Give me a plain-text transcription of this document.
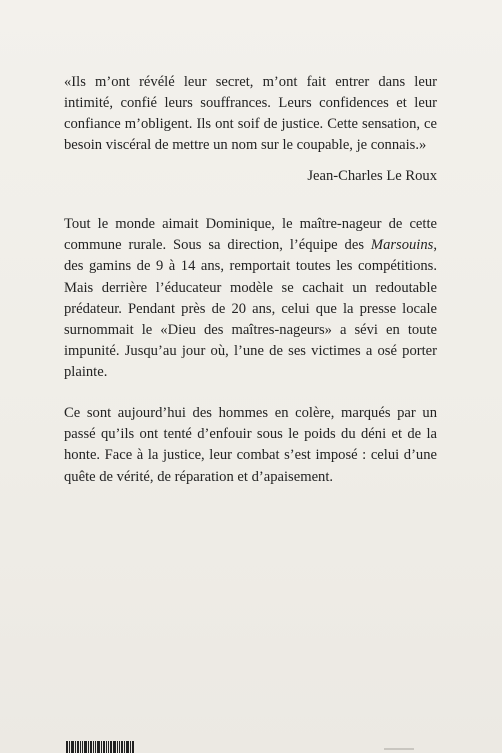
«Ils m’ont révélé leur secret, m’ont fait entrer dans leur intimité, confié leurs souffrances. Leurs confidences et leur confiance m’obligent. Ils ont soif de justice. Cette sensation, ce besoin viscéral de mettre un nom sur le coupable, je connais.»

Jean-Charles Le Roux

Tout le monde aimait Dominique, le maître-nageur de cette commune rurale. Sous sa direction, l’équipe des Marsouins, des gamins de 9 à 14 ans, remportait toutes les compétitions. Mais derrière l’éducateur modèle se cachait un redoutable prédateur. Pendant près de 20 ans, celui que la presse locale surnommait le «Dieu des maîtres-nageurs» a sévi en toute impunité. Jusqu’au jour où, l’une de ses victimes a osé porter plainte.

Ce sont aujourd’hui des hommes en colère, marqués par un passé qu’ils ont tenté d’enfouir sous le poids du déni et de la honte. Face à la justice, leur combat s’est imposé : celui d’une quête de vérité, de réparation et d’apaisement.
